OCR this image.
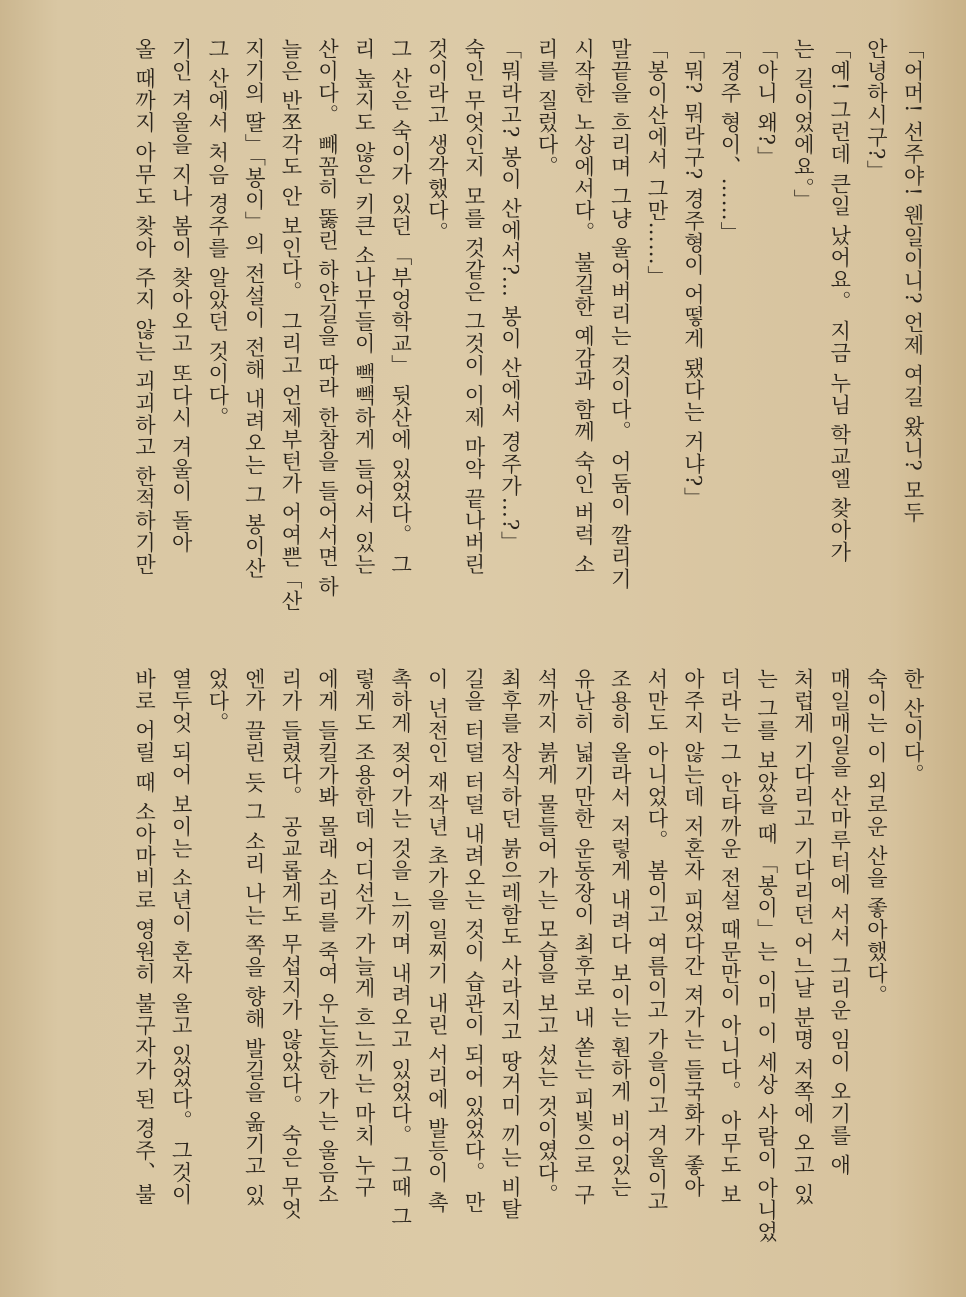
「어머! 선주야! 웬일이니? 언제 여길 왔니? 모두
안녕하시구?」
「예! 그런데 큰일 났어요。 지금 누님 학교엘 찾아가
는 길이었에요。」
「아니 왜?」
「경주 형이、……」
「뭐? 뭐라구? 경주형이 어떻게 됐다는 거냐?」
「봉이산에서 그만……」
말끝을 흐리며 그냥 울어버리는 것이다。 어둠이 깔리기
시작한 노상에서다。 불길한 예감과 함께 숙인 버럭 소
리를 질렀다。
「뭐라고? 봉이 산에서?… 봉이 산에서 경주가…?」
숙인 무엇인지 모를 것같은 그것이 이제 마악 끝나버린
것이라고 생각했다。
그 산은 숙이가 있던 「부엉학교」 뒷산에 있었다。 그
리 높지도 않은 키큰 소나무들이 빽빽하게 들어서 있는
산이다。 빼꼼히 뚫린 하얀길을 따라 한참을 들어서면 하
늘은 반쪼각도 안 보인다。 그리고 언제부턴가 어여쁜「산
지기의 딸」「봉이」의 전설이 전해 내려오는 그 봉이산
그 산에서 처음 경주를 알았던 것이다。
기인 겨울을 지나 봄이 찾아오고 또다시 겨울이 돌아
올 때까지 아무도 찾아 주지 않는 괴괴하고 한적하기만
한 산이다。
숙이는 이 외로운 산을 좋아했다。
매일매일을 산마루터에 서서 그리운 임이 오기를 애
처럽게 기다리고 기다리던 어느날 분명 저쪽에 오고 있
는 그를 보았을 때 「봉이」는 이미 이 세상 사람이 아니었
더라는 그 안타까운 전설 때문만이 아니다。 아무도 보
아주지 않는데 저혼자 피었다간 져가는 들국화가 좋아
서만도 아니었다。 봄이고 여름이고 가을이고 겨울이고
조용히 올라서 저렇게 내려다 보이는 훤하게 비어있는
유난히 넓기만한 운동장이 최후로 내 쏟는 피빛으로 구
석까지 붉게 물들어 가는 모습을 보고 섰는 것이였다。
최후를 장식하던 붉으레함도 사라지고 땅거미 끼는 비탈
길을 터덜 터덜 내려오는 것이 습관이 되어 있었다。 만
이 넌전인 재작년 초가을 일찌기 내린 서리에 발등이 촉
촉하게 젖어가는 것을 느끼며 내려오고 있었다。 그때 그
렇게도 조용한데 어디선가 가늘게 흐느끼는 마치 누구
에게 들킬가봐 몰래 소리를 죽여 우는듯한 가는 울음소
리가 들렸다。 공교롭게도 무섭지가 않았다。 숙은 무엇
엔가 끌린 듯 그 소리 나는 쪽을 향해 발길을 옮기고 있
었다。
열두엇 되어 보이는 소년이 혼자 울고 있었다。 그것이
바로 어릴 때 소아마비로 영원히 불구자가 된 경주、불
